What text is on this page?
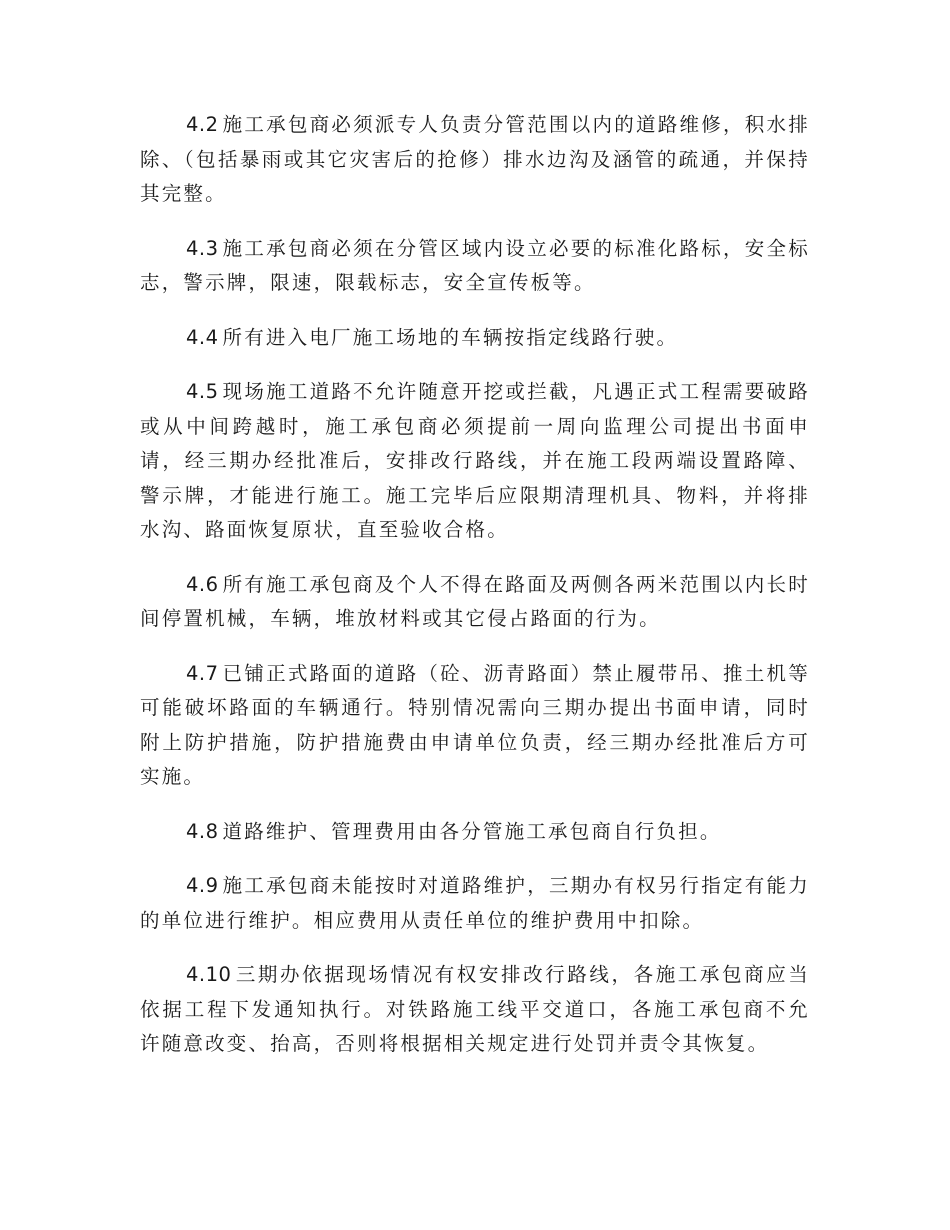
4.2 施工承包商必须派专人负责分管范围以内的道路维修，积水排除、（包括暴雨或其它灾害后的抢修）排水边沟及涵管的疏通，并保持其完整。

4.3 施工承包商必须在分管区域内设立必要的标准化路标，安全标志，警示牌，限速，限载标志，安全宣传板等。

4.4 所有进入电厂施工场地的车辆按指定线路行驶。

4.5 现场施工道路不允许随意开挖或拦截，凡遇正式工程需要破路或从中间跨越时，施工承包商必须提前一周向监理公司提出书面申请，经三期办经批准后，安排改行路线，并在施工段两端设置路障、警示牌，才能进行施工。施工完毕后应限期清理机具、物料，并将排水沟、路面恢复原状，直至验收合格。

4.6 所有施工承包商及个人不得在路面及两侧各两米范围以内长时间停置机械，车辆，堆放材料或其它侵占路面的行为。

4.7 已铺正式路面的道路（砼、沥青路面）禁止履带吊、推土机等可能破坏路面的车辆通行。特别情况需向三期办提出书面申请，同时附上防护措施，防护措施费由申请单位负责，经三期办经批准后方可实施。

4.8 道路维护、管理费用由各分管施工承包商自行负担。

4.9 施工承包商未能按时对道路维护，三期办有权另行指定有能力的单位进行维护。相应费用从责任单位的维护费用中扣除。

4.10 三期办依据现场情况有权安排改行路线，各施工承包商应当依据工程下发通知执行。对铁路施工线平交道口，各施工承包商不允许随意改变、抬高，否则将根据相关规定进行处罚并责令其恢复。
